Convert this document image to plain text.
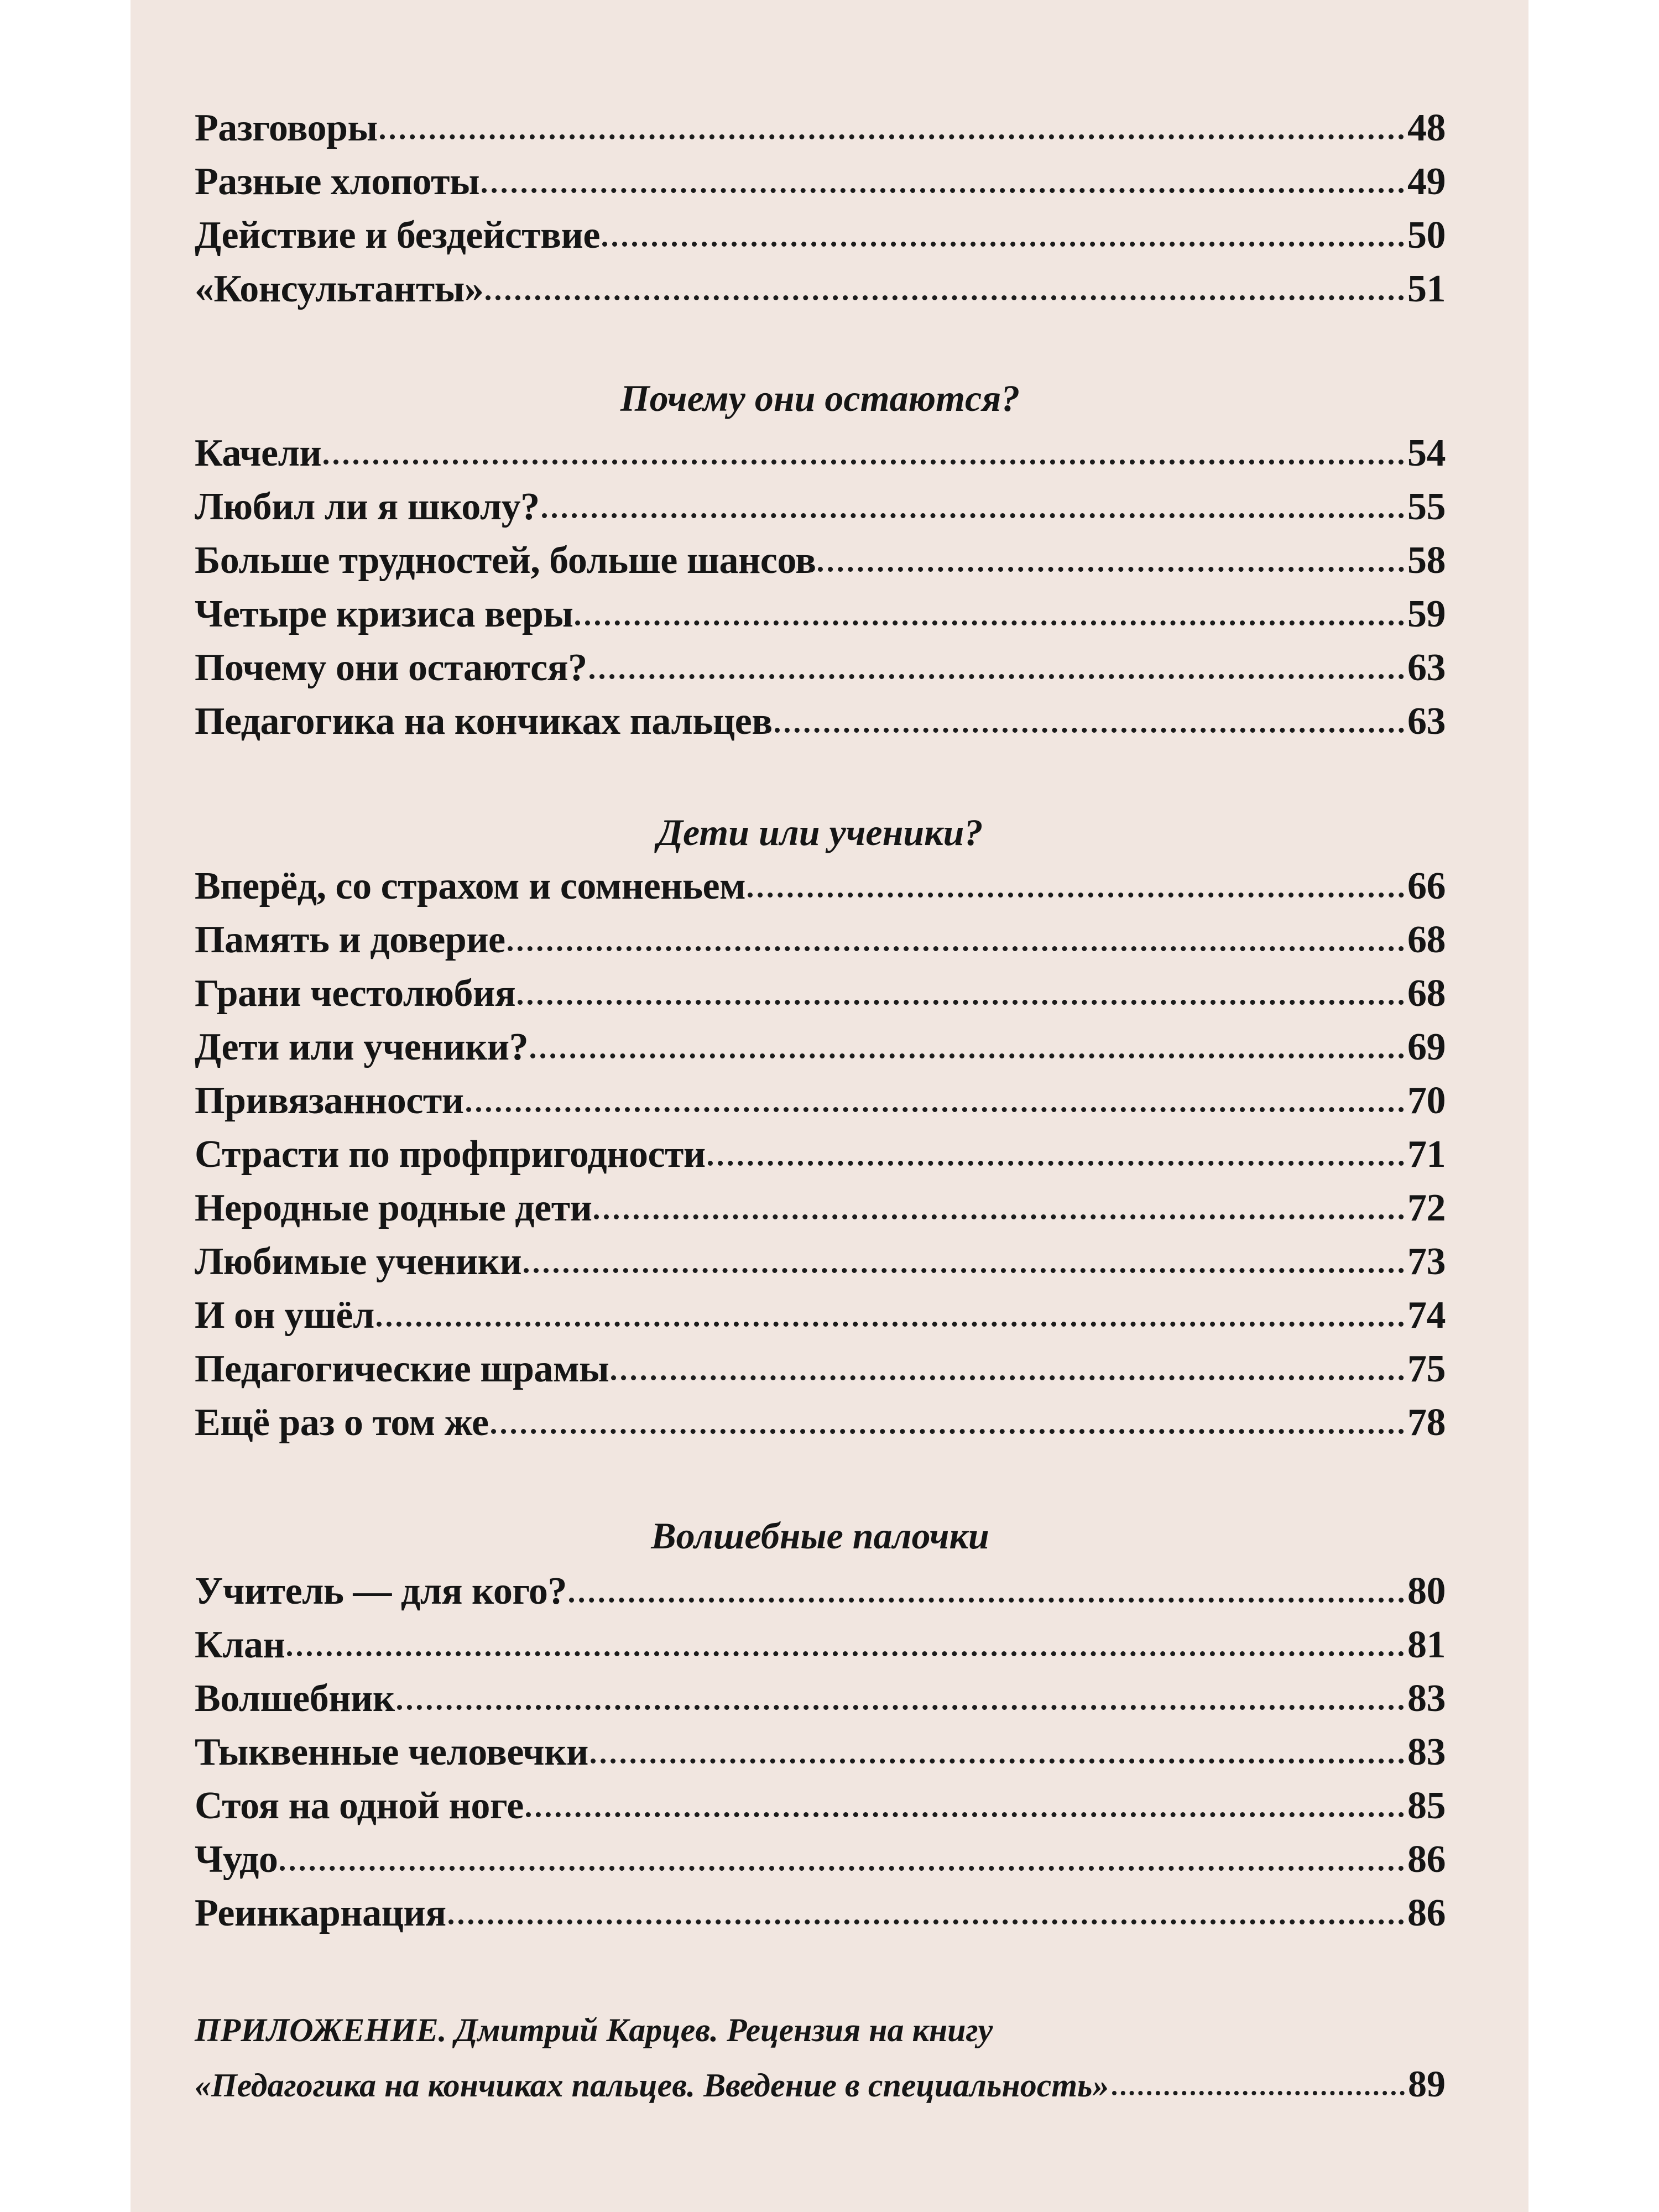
Разговоры	48
Разные хлопоты	49
Действие и бездействие	50
«Консультанты»	51
Почему они остаются?
Качели	54
Любил ли я школу?	55
Больше трудностей, больше шансов	58
Четыре кризиса веры	59
Почему они остаются?	63
Педагогика на кончиках пальцев	63
Дети или ученики?
Вперёд, со страхом и сомненьем	66
Память и доверие	68
Грани честолюбия	68
Дети или ученики?	69
Привязанности	70
Страсти по профпригодности	71
Неродные родные дети	72
Любимые ученики	73
И он ушёл	74
Педагогические шрамы	75
Ещё раз о том же	78
Волшебные палочки
Учитель — для кого?	80
Клан	81
Волшебник	83
Тыквенные человечки	83
Стоя на одной ноге	85
Чудо	86
Реинкарнация	86
ПРИЛОЖЕНИЕ. Дмитрий Карцев. Рецензия на книгу
«Педагогика на кончиках пальцев. Введение в специальность»	89
